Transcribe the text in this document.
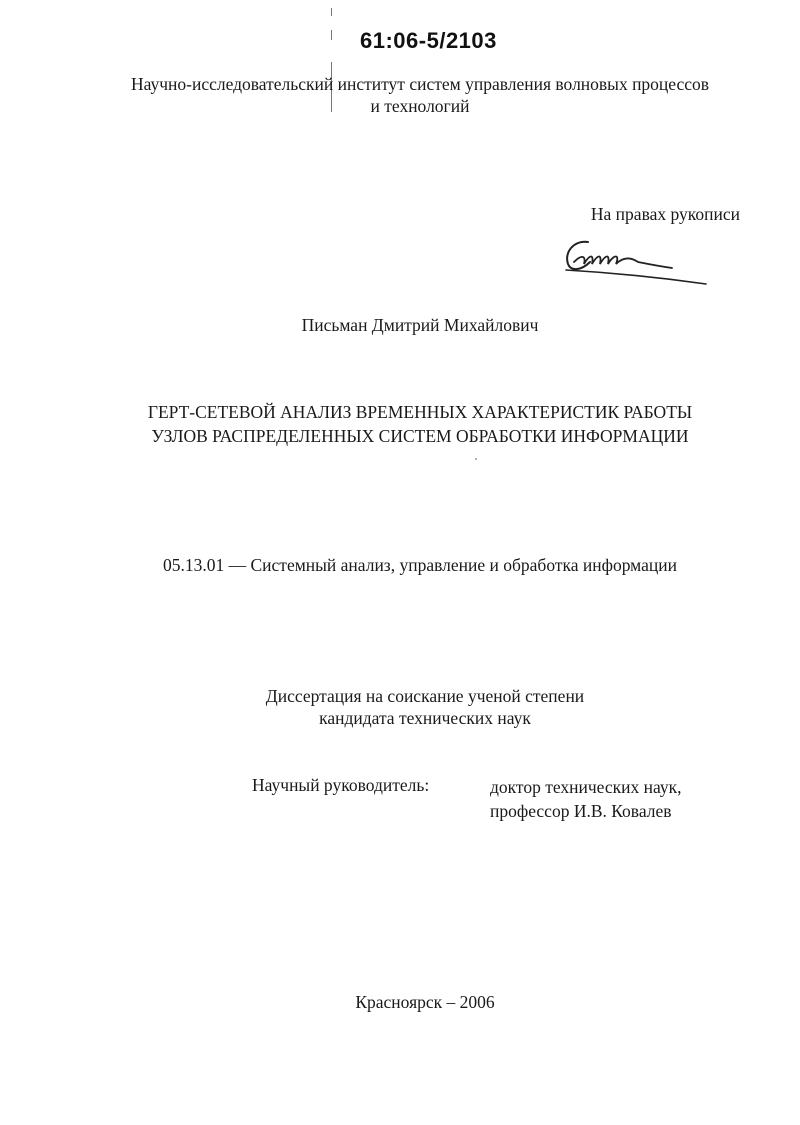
61:06-5/2103
Научно-исследовательский институт систем управления волновых процессов
и технологий
На правах рукописи
Письман Дмитрий Михайлович
ГЕРТ-СЕТЕВОЙ АНАЛИЗ ВРЕМЕННЫХ ХАРАКТЕРИСТИК РАБОТЫ
УЗЛОВ РАСПРЕДЕЛЕННЫХ СИСТЕМ ОБРАБОТКИ ИНФОРМАЦИИ
05.13.01 — Системный анализ, управление и обработка информации
Диссертация на соискание ученой степени
кандидата технических наук
Научный руководитель:	доктор технических наук,
профессор И.В. Ковалев
Красноярск – 2006
